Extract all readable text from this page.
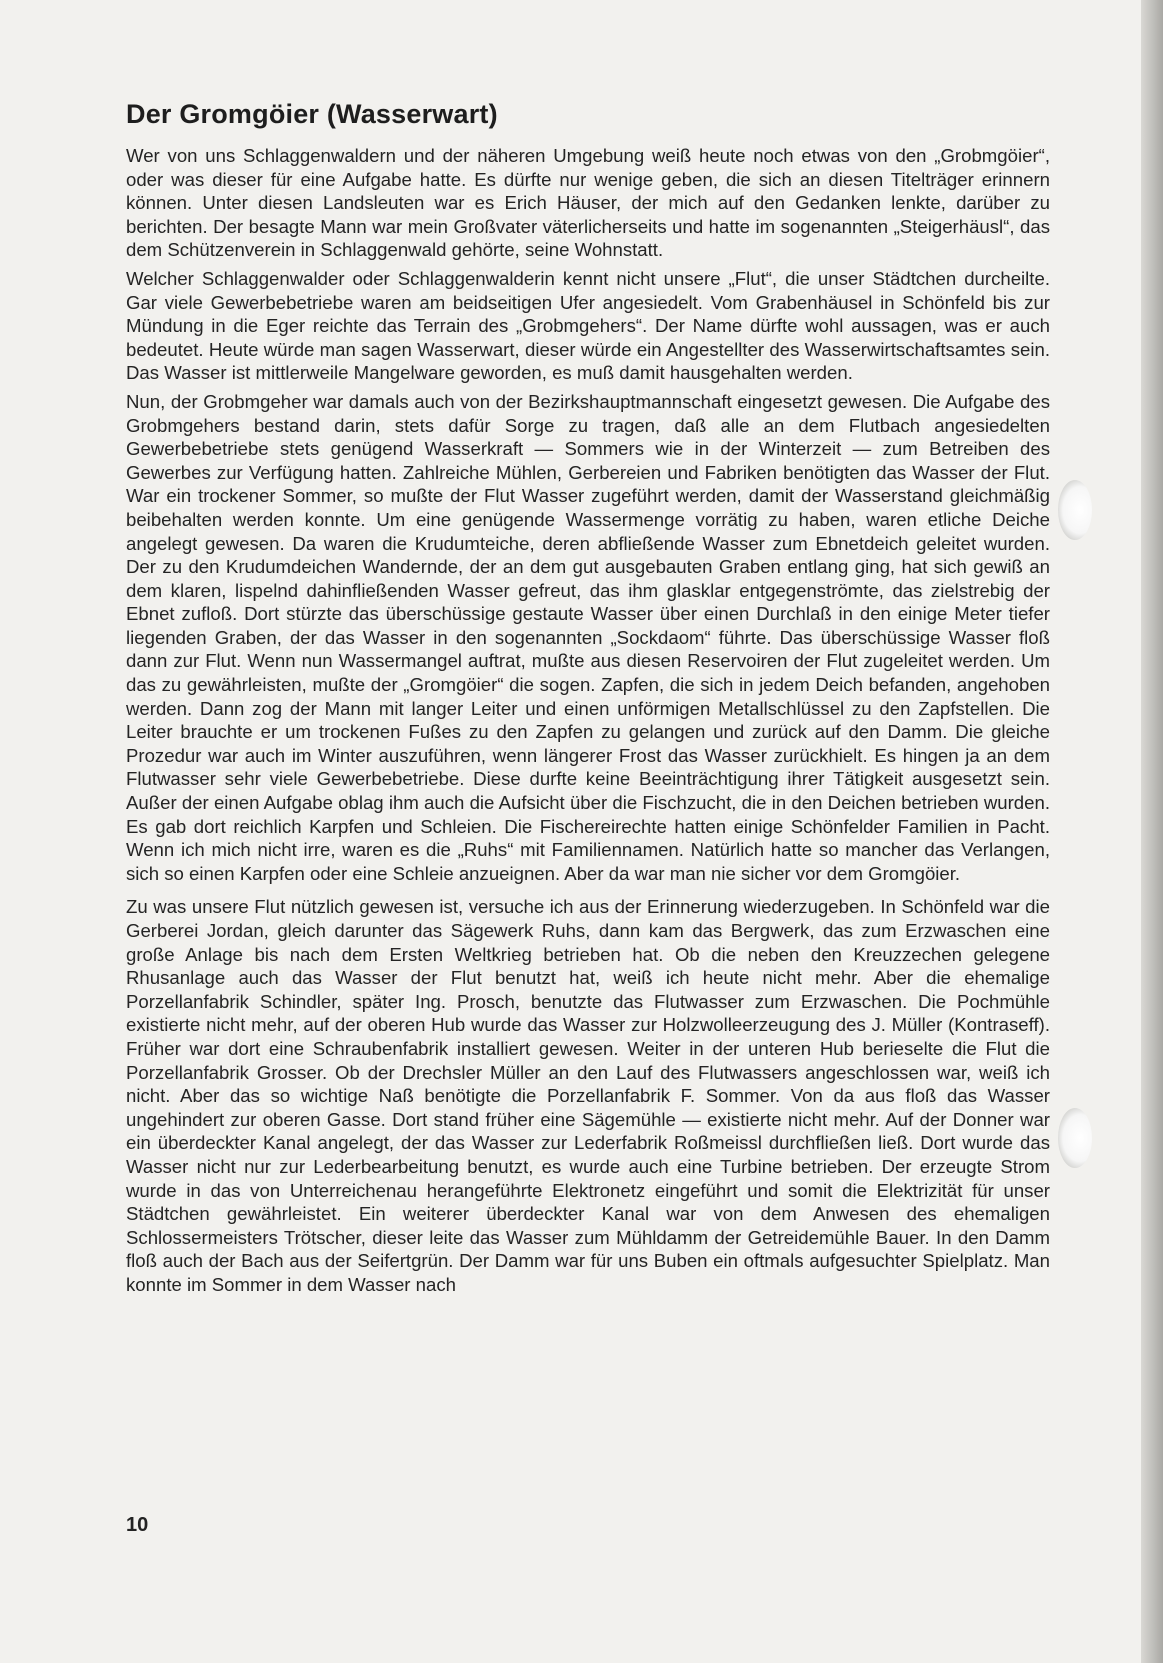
Der Gromgöier (Wasserwart)

Wer von uns Schlaggenwaldern und der näheren Umgebung weiß heute noch etwas von den „Grobmgöier“, oder was dieser für eine Aufgabe hatte. Es dürfte nur wenige geben, die sich an diesen Titelträger erinnern können. Unter diesen Landsleuten war es Erich Häuser, der mich auf den Gedanken lenkte, darüber zu berichten. Der besagte Mann war mein Großvater väterlicherseits und hatte im sogenannten „Steigerhäusl“, das dem Schützenverein in Schlaggenwald gehörte, seine Wohnstatt.

Welcher Schlaggenwalder oder Schlaggenwalderin kennt nicht unsere „Flut“, die unser Städtchen durcheilte. Gar viele Gewerbebetriebe waren am beidseitigen Ufer angesiedelt. Vom Grabenhäusel in Schönfeld bis zur Mündung in die Eger reichte das Terrain des „Grobmgehers“. Der Name dürfte wohl aussagen, was er auch bedeutet. Heute würde man sagen Wasserwart, dieser würde ein Angestellter des Wasserwirtschaftsamtes sein. Das Wasser ist mittlerweile Mangelware geworden, es muß damit hausgehalten werden.

Nun, der Grobmgeher war damals auch von der Bezirkshauptmannschaft eingesetzt gewesen. Die Aufgabe des Grobmgehers bestand darin, stets dafür Sorge zu tragen, daß alle an dem Flutbach angesiedelten Gewerbebetriebe stets genügend Wasserkraft — Sommers wie in der Winterzeit — zum Betreiben des Gewerbes zur Verfügung hatten. Zahlreiche Mühlen, Gerbereien und Fabriken benötigten das Wasser der Flut. War ein trockener Sommer, so mußte der Flut Wasser zugeführt werden, damit der Wasserstand gleichmäßig beibehalten werden konnte. Um eine genügende Wassermenge vorrätig zu haben, waren etliche Deiche angelegt gewesen. Da waren die Krudumteiche, deren abfließende Wasser zum Ebnetdeich geleitet wurden. Der zu den Krudumdeichen Wandernde, der an dem gut ausgebauten Graben entlang ging, hat sich gewiß an dem klaren, lispelnd dahinfließenden Wasser gefreut, das ihm glasklar entgegenströmte, das zielstrebig der Ebnet zufloß. Dort stürzte das überschüssige gestaute Wasser über einen Durchlaß in den einige Meter tiefer liegenden Graben, der das Wasser in den sogenannten „Sockdaom“ führte. Das überschüssige Wasser floß dann zur Flut. Wenn nun Wassermangel auftrat, mußte aus diesen Reservoiren der Flut zugeleitet werden. Um das zu gewährleisten, mußte der „Gromgöier“ die sogen. Zapfen, die sich in jedem Deich befanden, angehoben werden. Dann zog der Mann mit langer Leiter und einen unförmigen Metallschlüssel zu den Zapfstellen. Die Leiter brauchte er um trockenen Fußes zu den Zapfen zu gelangen und zurück auf den Damm. Die gleiche Prozedur war auch im Winter auszuführen, wenn längerer Frost das Wasser zurückhielt. Es hingen ja an dem Flutwasser sehr viele Gewerbebetriebe. Diese durfte keine Beeinträchtigung ihrer Tätigkeit ausgesetzt sein. Außer der einen Aufgabe oblag ihm auch die Aufsicht über die Fischzucht, die in den Deichen betrieben wurden. Es gab dort reichlich Karpfen und Schleien. Die Fischereirechte hatten einige Schönfelder Familien in Pacht. Wenn ich mich nicht irre, waren es die „Ruhs“ mit Familiennamen. Natürlich hatte so mancher das Verlangen, sich so einen Karpfen oder eine Schleie anzueignen. Aber da war man nie sicher vor dem Gromgöier.

Zu was unsere Flut nützlich gewesen ist, versuche ich aus der Erinnerung wiederzugeben. In Schönfeld war die Gerberei Jordan, gleich darunter das Sägewerk Ruhs, dann kam das Bergwerk, das zum Erzwaschen eine große Anlage bis nach dem Ersten Weltkrieg betrieben hat. Ob die neben den Kreuzzechen gelegene Rhusanlage auch das Wasser der Flut benutzt hat, weiß ich heute nicht mehr. Aber die ehemalige Porzellanfabrik Schindler, später Ing. Prosch, benutzte das Flutwasser zum Erzwaschen. Die Pochmühle existierte nicht mehr, auf der oberen Hub wurde das Wasser zur Holzwolleerzeugung des J. Müller (Kontraseff). Früher war dort eine Schraubenfabrik installiert gewesen. Weiter in der unteren Hub berieselte die Flut die Porzellanfabrik Grosser. Ob der Drechsler Müller an den Lauf des Flutwassers angeschlossen war, weiß ich nicht. Aber das so wichtige Naß benötigte die Porzellanfabrik F. Sommer. Von da aus floß das Wasser ungehindert zur oberen Gasse. Dort stand früher eine Sägemühle — existierte nicht mehr. Auf der Donner war ein überdeckter Kanal angelegt, der das Wasser zur Lederfabrik Roßmeissl durchfließen ließ. Dort wurde das Wasser nicht nur zur Lederbearbeitung benutzt, es wurde auch eine Turbine betrieben. Der erzeugte Strom wurde in das von Unterreichenau herangeführte Elektronetz eingeführt und somit die Elektrizität für unser Städtchen gewährleistet. Ein weiterer überdeckter Kanal war von dem Anwesen des ehemaligen Schlossermeisters Trötscher, dieser leite das Wasser zum Mühldamm der Getreidemühle Bauer. In den Damm floß auch der Bach aus der Seifertgrün. Der Damm war für uns Buben ein oftmals aufgesuchter Spielplatz. Man konnte im Sommer in dem Wasser nach

10
